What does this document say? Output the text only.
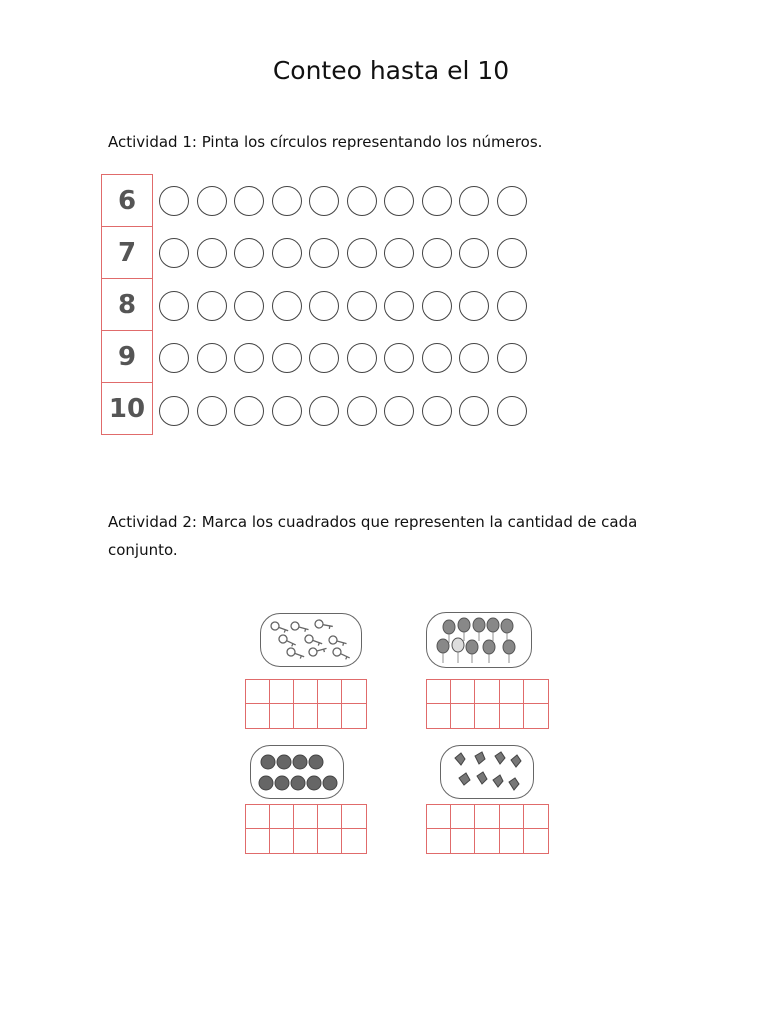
Conteo hasta el 10
Actividad 1: Pinta los círculos representando los números.
6
7
8
9
10
Actividad 2: Marca los cuadrados que representen la cantidad de cada conjunto.
